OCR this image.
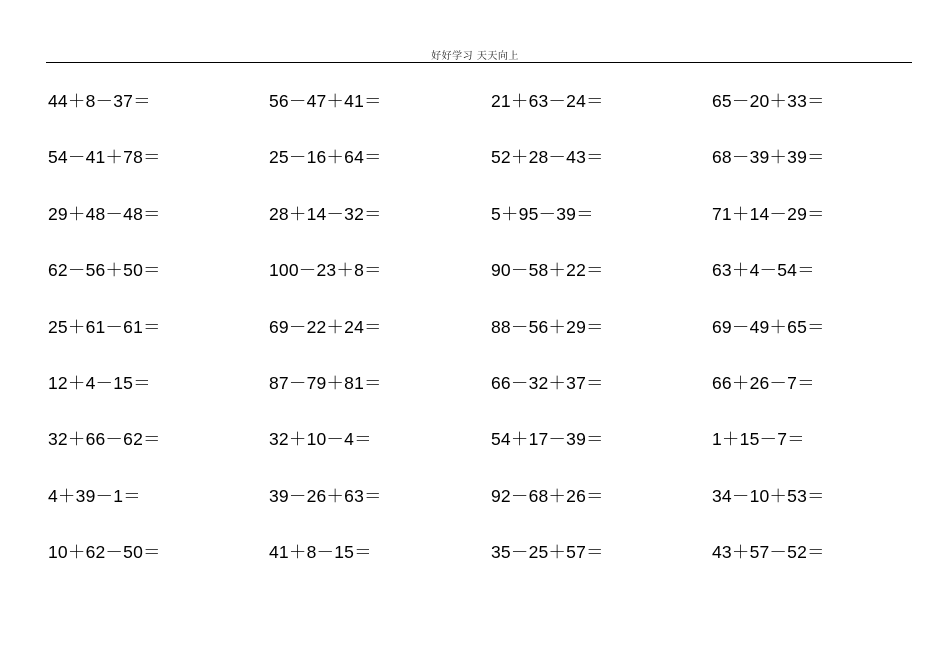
好好学习 天天向上
44＋8－37＝	56－47＋41＝	21＋63－24＝	65－20＋33＝
54－41＋78＝	25－16＋64＝	52＋28－43＝	68－39＋39＝
29＋48－48＝	28＋14－32＝	5＋95－39＝	71＋14－29＝
62－56＋50＝	100－23＋8＝	90－58＋22＝	63＋4－54＝
25＋61－61＝	69－22＋24＝	88－56＋29＝	69－49＋65＝
12＋4－15＝	87－79＋81＝	66－32＋37＝	66＋26－7＝
32＋66－62＝	32＋10－4＝	54＋17－39＝	1＋15－7＝
4＋39－1＝	39－26＋63＝	92－68＋26＝	34－10＋53＝
10＋62－50＝	41＋8－15＝	35－25＋57＝	43＋57－52＝
